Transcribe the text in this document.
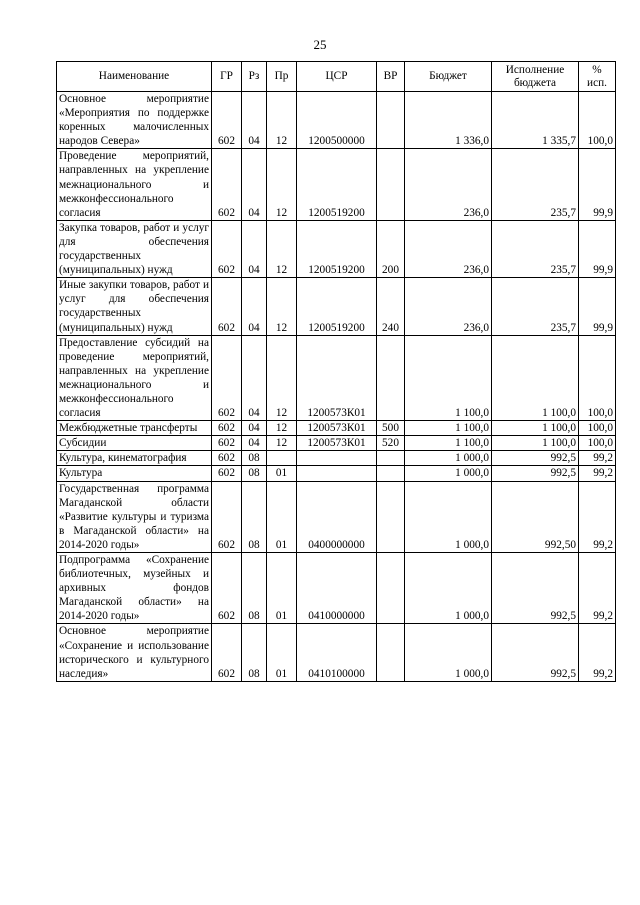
25
Наименование	ГР	Рз	Пр	ЦСР	ВР	Бюджет	Исполнение бюджета	% исп.
Основное мероприятие «Мероприятия по поддержке коренных малочисленных народов Севера»	602	04	12	1200500000		1 336,0	1 335,7	100,0
Проведение мероприятий, направленных на укрепление межнационального и межконфессионального согласия	602	04	12	1200519200		236,0	235,7	99,9
Закупка товаров, работ и услуг для обеспечения государственных (муниципальных) нужд	602	04	12	1200519200	200	236,0	235,7	99,9
Иные закупки товаров, работ и услуг для обеспечения государственных (муниципальных) нужд	602	04	12	1200519200	240	236,0	235,7	99,9
Предоставление субсидий на проведение мероприятий, направленных на укрепление межнационального и межконфессионального согласия	602	04	12	1200573К01		1 100,0	1 100,0	100,0
Межбюджетные трансферты	602	04	12	1200573К01	500	1 100,0	1 100,0	100,0
Субсидии	602	04	12	1200573К01	520	1 100,0	1 100,0	100,0
Культура, кинематография	602	08				1 000,0	992,5	99,2
Культура	602	08	01			1 000,0	992,5	99,2
Государственная программа Магаданской области «Развитие культуры и туризма в Магаданской области» на 2014-2020 годы»	602	08	01	0400000000		1 000,0	992,50	99,2
Подпрограмма «Сохранение библиотечных, музейных и архивных фондов Магаданской области» на 2014-2020 годы»	602	08	01	0410000000		1 000,0	992,5	99,2
Основное мероприятие «Сохранение и использование исторического и культурного наследия»	602	08	01	0410100000		1 000,0	992,5	99,2
